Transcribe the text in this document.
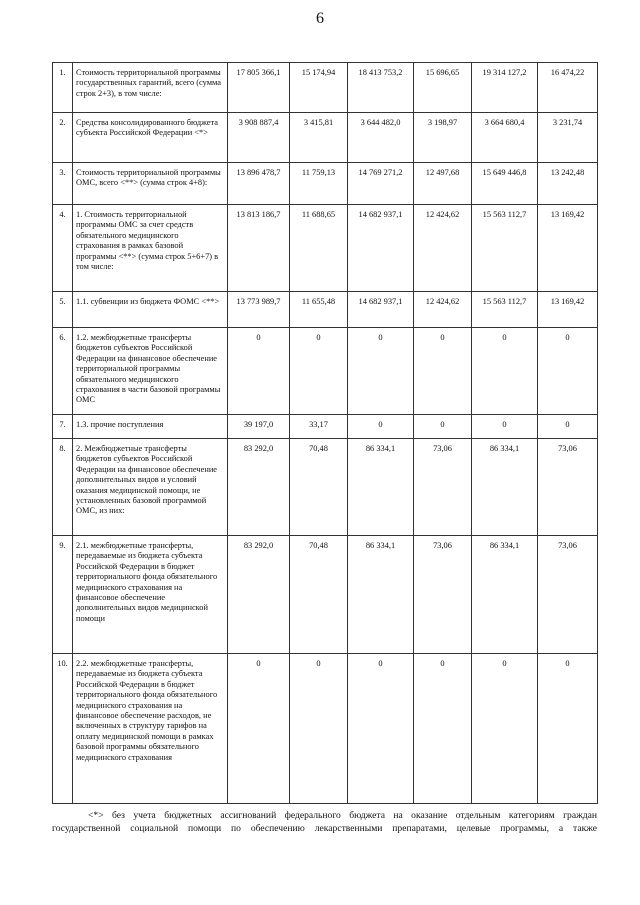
6
1.	Стоимость территориальной программы государственных гарантий, всего (сумма строк 2+3), в том числе:	17 805 366,1	15 174,94	18 413 753,2	15 696,65	19 314 127,2	16 474,22
2.	Средства консолидированного бюджета субъекта Российской Федерации <*>	3 908 887,4	3 415,81	3 644 482,0	3 198,97	3 664 680,4	3 231,74
3.	Стоимость территориальной программы ОМС, всего <**> (сумма строк 4+8):	13 896 478,7	11 759,13	14 769 271,2	12 497,68	15 649 446,8	13 242,48
4.	1. Стоимость территориальной программы ОМС за счет средств обязательного медицинского страхования в рамках базовой программы <**> (сумма строк 5+6+7) в том числе:	13 813 186,7	11 688,65	14 682 937,1	12 424,62	15 563 112,7	13 169,42
5.	1.1. субвенции из бюджета ФОМС <**>	13 773 989,7	11 655,48	14 682 937,1	12 424,62	15 563 112,7	13 169,42
6.	1.2. межбюджетные трансферты бюджетов субъектов Российской Федерации на финансовое обеспечение территориальной программы обязательного медицинского страхования в части базовой программы ОМС	0	0	0	0	0	0
7.	1.3. прочие поступления	39 197,0	33,17	0	0	0	0
8.	2. Межбюджетные трансферты бюджетов субъектов Российской Федерации на финансовое обеспечение дополнительных видов и условий оказания медицинской помощи, не установленных базовой программой ОМС, из них:	83 292,0	70,48	86 334,1	73,06	86 334,1	73,06
9.	2.1. межбюджетные трансферты, передаваемые из бюджета субъекта Российской Федерации в бюджет территориального фонда обязательного медицинского страхования на финансовое обеспечение дополнительных видов медицинской помощи	83 292,0	70,48	86 334,1	73,06	86 334,1	73,06
10.	2.2. межбюджетные трансферты, передаваемые из бюджета субъекта Российской Федерации в бюджет территориального фонда обязательного медицинского страхования на финансовое обеспечение расходов, не включенных в структуру тарифов на оплату медицинской помощи в рамках базовой программы обязательного медицинского страхования	0	0	0	0	0	0

<*> без учета бюджетных ассигнований федерального бюджета на оказание отдельным категориям граждан

государственной социальной помощи по обеспечению лекарственными препаратами, целевые программы, а также
